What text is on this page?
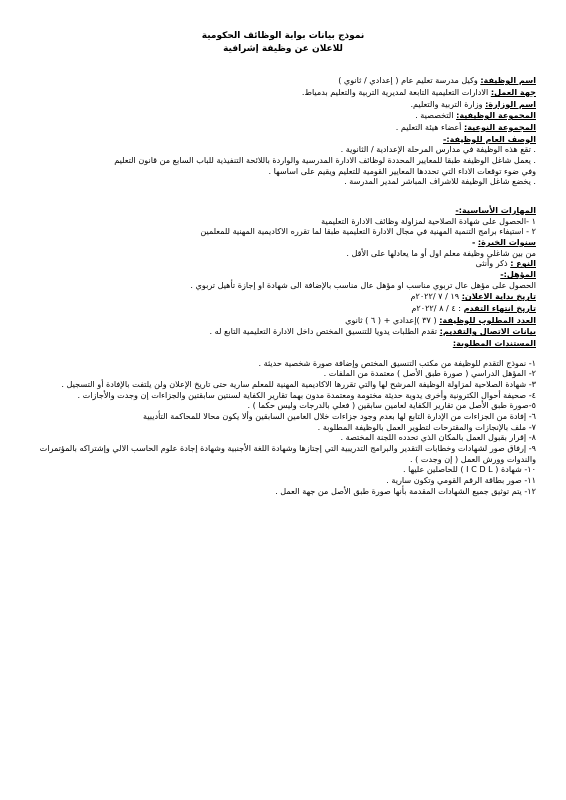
نموذج بيانات بوابة الوظائف الحكومية
للاعلان عن وظيفة إشرافية

اسم الوظيفة: وكيل مدرسة تعليم عام ( إعدادي / ثانوي )

جهة العمل: الادارات التعليمية التابعة لمديرية التربية والتعليم بدمياط.

اسم الوزارة: وزارة التربية والتعليم.

المجموعة الوظيفية: التخصصية .

المجموعة النوعية: أعضاء هيئة التعليم .

الوصف العام للوظيفة:-

. تقع هذه الوظيفة في مدارس المرحلة الإعدادية / الثانوية .

. يعمل شاغل الوظيفة طبقا للمعايير المحددة لوظائف الادارة المدرسية والواردة باللائحة التنفيذية للباب السابع من قانون التعليم

وفي ضوء توقعات الاداء التي تحددها المعايير القومية للتعليم ويقيم على اساسها .

. يخضع شاغل الوظيفة للاشراف المباشر لمدير المدرسة .

المهارات الأساسية:-

١ -الحصول على شهادة الصلاحية لمزاولة وظائف الادارة التعليمية

٢ - استيفاء برامج التنمية المهنية في مجال الادارة التعليمية طبقا لما تقرره الاكاديمية المهنية للمعلمين

سنوات الخبرة: -

من بين شاغلي وظيفة معلم اول أو ما يعادلها على الأقل .

النوع : ذكر وأنثى

المؤهل:-

الحصول على مؤهل عال تربوي مناسب او مؤهل عال مناسب بالإضافة الى شهادة او إجازة تأهيل تربوي .

تاريخ بداية الاعلان: ١٩ / ٧ /٢٠٢٢م

تاريخ انتهاء التقدم : ٤ / ٨ /٢٠٢٢م

العدد المطلوب للوظيفة: ( ٣٧ )إعدادي + ( ٦ ) ثانوي

بيانات الاتصال والتقديم: تقدم الطلبات يدويا للتنسيق المختص داخل الادارة التعليمية التابع له .

المستندات المطلوبة:

١- نموذج التقدم للوظيفة من مكتب التنسيق المختص وإضافة صورة شخصية حديثة .

٢- المؤهل الدراسي ( صورة طبق الأصل ) معتمدة من الملفات .

٣- شهادة الصلاحية لمزاولة الوظيفة المرشح لها والتي تقررها الاكاديمية المهنية للمعلم سارية حتى تاريخ الإعلان ولن يلتفت بالإفادة أو التسجيل .

٤- صحيفة أحوال الكترونية وأخرى يدوية حديثة مختومة ومعتمدة مدون بهما تقارير الكفاية لسنتين سابقتين والجزاءات إن وجدت والأجازات .

٥-صورة طبق الأصل من تقارير الكفاية لعامين سابقين ( فعلي بالدرجات وليس حكما ) .

٦- إفادة من الجزاءات من الإدارة التابع لها بعدم وجود جزاءات خلال العامين السابقين وألا يكون محالا للمحاكمة التأديبية

٧- ملف بالإنجازات والمقترحات لتطوير العمل بالوظيفة المطلوبة .

٨- إقرار بقبول العمل بالمكان الذي تحدده اللجنة المختصة .

٩- إرفاق صور لشهادات وخطابات التقدير والبرامج التدريبية التي إجتازها وشهادة اللغة الأجنبية وشهادة إجادة علوم الحاسب الالي وإشتراكه بالمؤتمرات والندوات وورش العمل ( إن وجدت ) .

١٠- شهادة ( I C D L ) للحاصلين عليها .

١١- صور بطاقة الرقم القومي وتكون سارية .

١٢- يتم توثيق جميع الشهادات المقدمة بأنها صورة طبق الأصل من جهة العمل .
